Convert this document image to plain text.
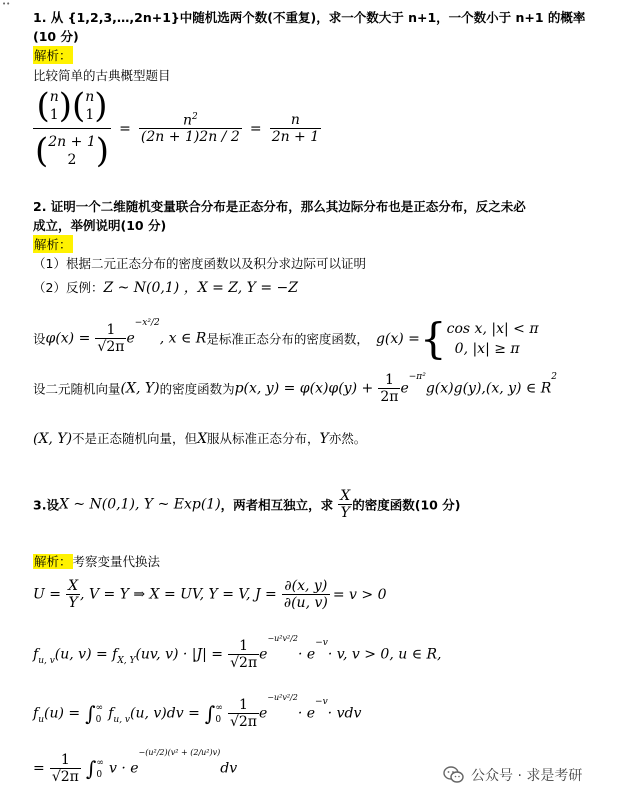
••
1. 从 {1,2,3,…,2n+1}中随机选两个数(不重复)，求一个数大于 n+1，一个数小于 n+1 的概率
(10 分)
解析：
比较简单的古典概型题目
( n
1 )( n
1 )
( 2n + 1
2 ) = $\frac{n^2}{(2n + 1)2n / 2} = \frac{n}{2n + 1}$
2. 证明一个二维随机变量联合分布是正态分布，那么其边际分布也是正态分布，反之未必
成立，举例说明(10 分)
解析：
（1）根据二元正态分布的密度函数以及积分求边际可以证明
（2）反例：Z ~ N(0,1) ，X = Z, Y = −Z
设$\varphi(x) = \frac{1}{√2\pi} e^{-x^2/2}$, x ∈ R是标准正态分布的密度函数， g(x) ={ cos x, |x| < π
0, |x| ≥ π
设二元随机向量(X, Y)的密度函数为p(x, $y) = \varphi(x)\varphi(y) + \frac{1}{2\pi} e^{-\pi^2}g(x)g(y),(x$, y) ∈ $R^2$
(X, Y)不是正态随机向量，但X服从标准正态分布，Y亦然。
3.设X ~ N(0,1), Y ~ Exp(1)，两者相互独立，求 $\frac{X}{Y}$ 的密度函数(10 分)
解析：考察变量代换法
$U = \frac{X}{Y}$ , V = Y ⇒ X = UV, Y = V, $J = \frac{\partial(x, y)}{\partial(u, v)} = v > 0$
$f_{u, v}(u$, $v) = f_{X, Y}(uv$, $v) \cdot |J| = \frac{1}{√2\pi} e^{-u^2v^2/2}\cdot e^{-v}\cdot v$, v > 0, u ∈ R,
$f_u(u)$ = ∫ ∞
0 $f_{u, v}(u$, v)dv = ∫ ∞
0
$\frac{1}{√2\pi} e^{-u^2v^2/2}\cdot e^{-v}\cdot$ vdv
= $\frac{1}{√2\pi}$ ∫ ∞
0 $v \cdot e^{-(u^2/2)(v^2 + (2/u^2)v)}dv$	公众号 · 求是考研
